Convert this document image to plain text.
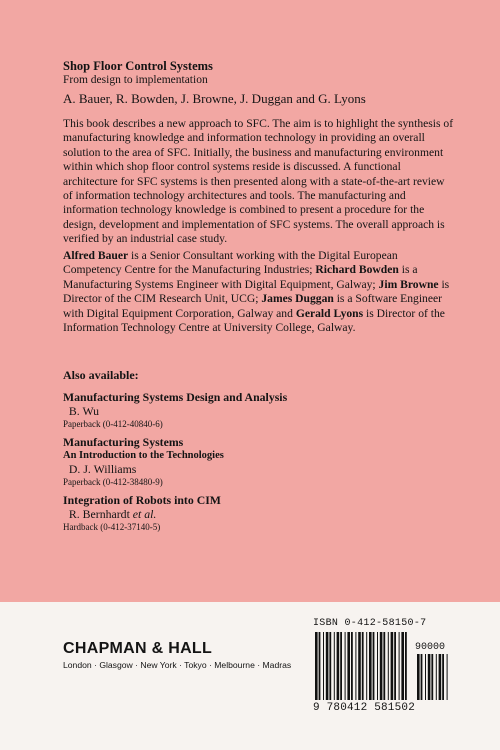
Shop Floor Control Systems
From design to implementation
A. Bauer, R. Bowden, J. Browne, J. Duggan and G. Lyons
This book describes a new approach to SFC. The aim is to highlight the synthesis of manufacturing knowledge and information technology in providing an overall solution to the area of SFC. Initially, the business and manufacturing environment within which shop floor control systems reside is discussed. A functional architecture for SFC systems is then presented along with a state-of-the-art review of information technology architectures and tools. The manufacturing and information technology knowledge is combined to present a procedure for the design, development and implementation of SFC systems. The overall approach is verified by an industrial case study.
Alfred Bauer is a Senior Consultant working with the Digital European Competency Centre for the Manufacturing Industries; Richard Bowden is a Manufacturing Systems Engineer with Digital Equipment, Galway; Jim Browne is Director of the CIM Research Unit, UCG; James Duggan is a Software Engineer with Digital Equipment Corporation, Galway and Gerald Lyons is Director of the Information Technology Centre at University College, Galway.
Also available:
Manufacturing Systems Design and Analysis
B. Wu
Paperback (0-412-40840-6)
Manufacturing Systems
An Introduction to the Technologies
D. J. Williams
Paperback (0-412-38480-9)
Integration of Robots into CIM
R. Bernhardt et al.
Hardback (0-412-37140-5)
ISBN 0-412-58150-7
CHAPMAN & HALL
London · Glasgow · New York · Tokyo · Melbourne · Madras
90000
9 780412 581502
